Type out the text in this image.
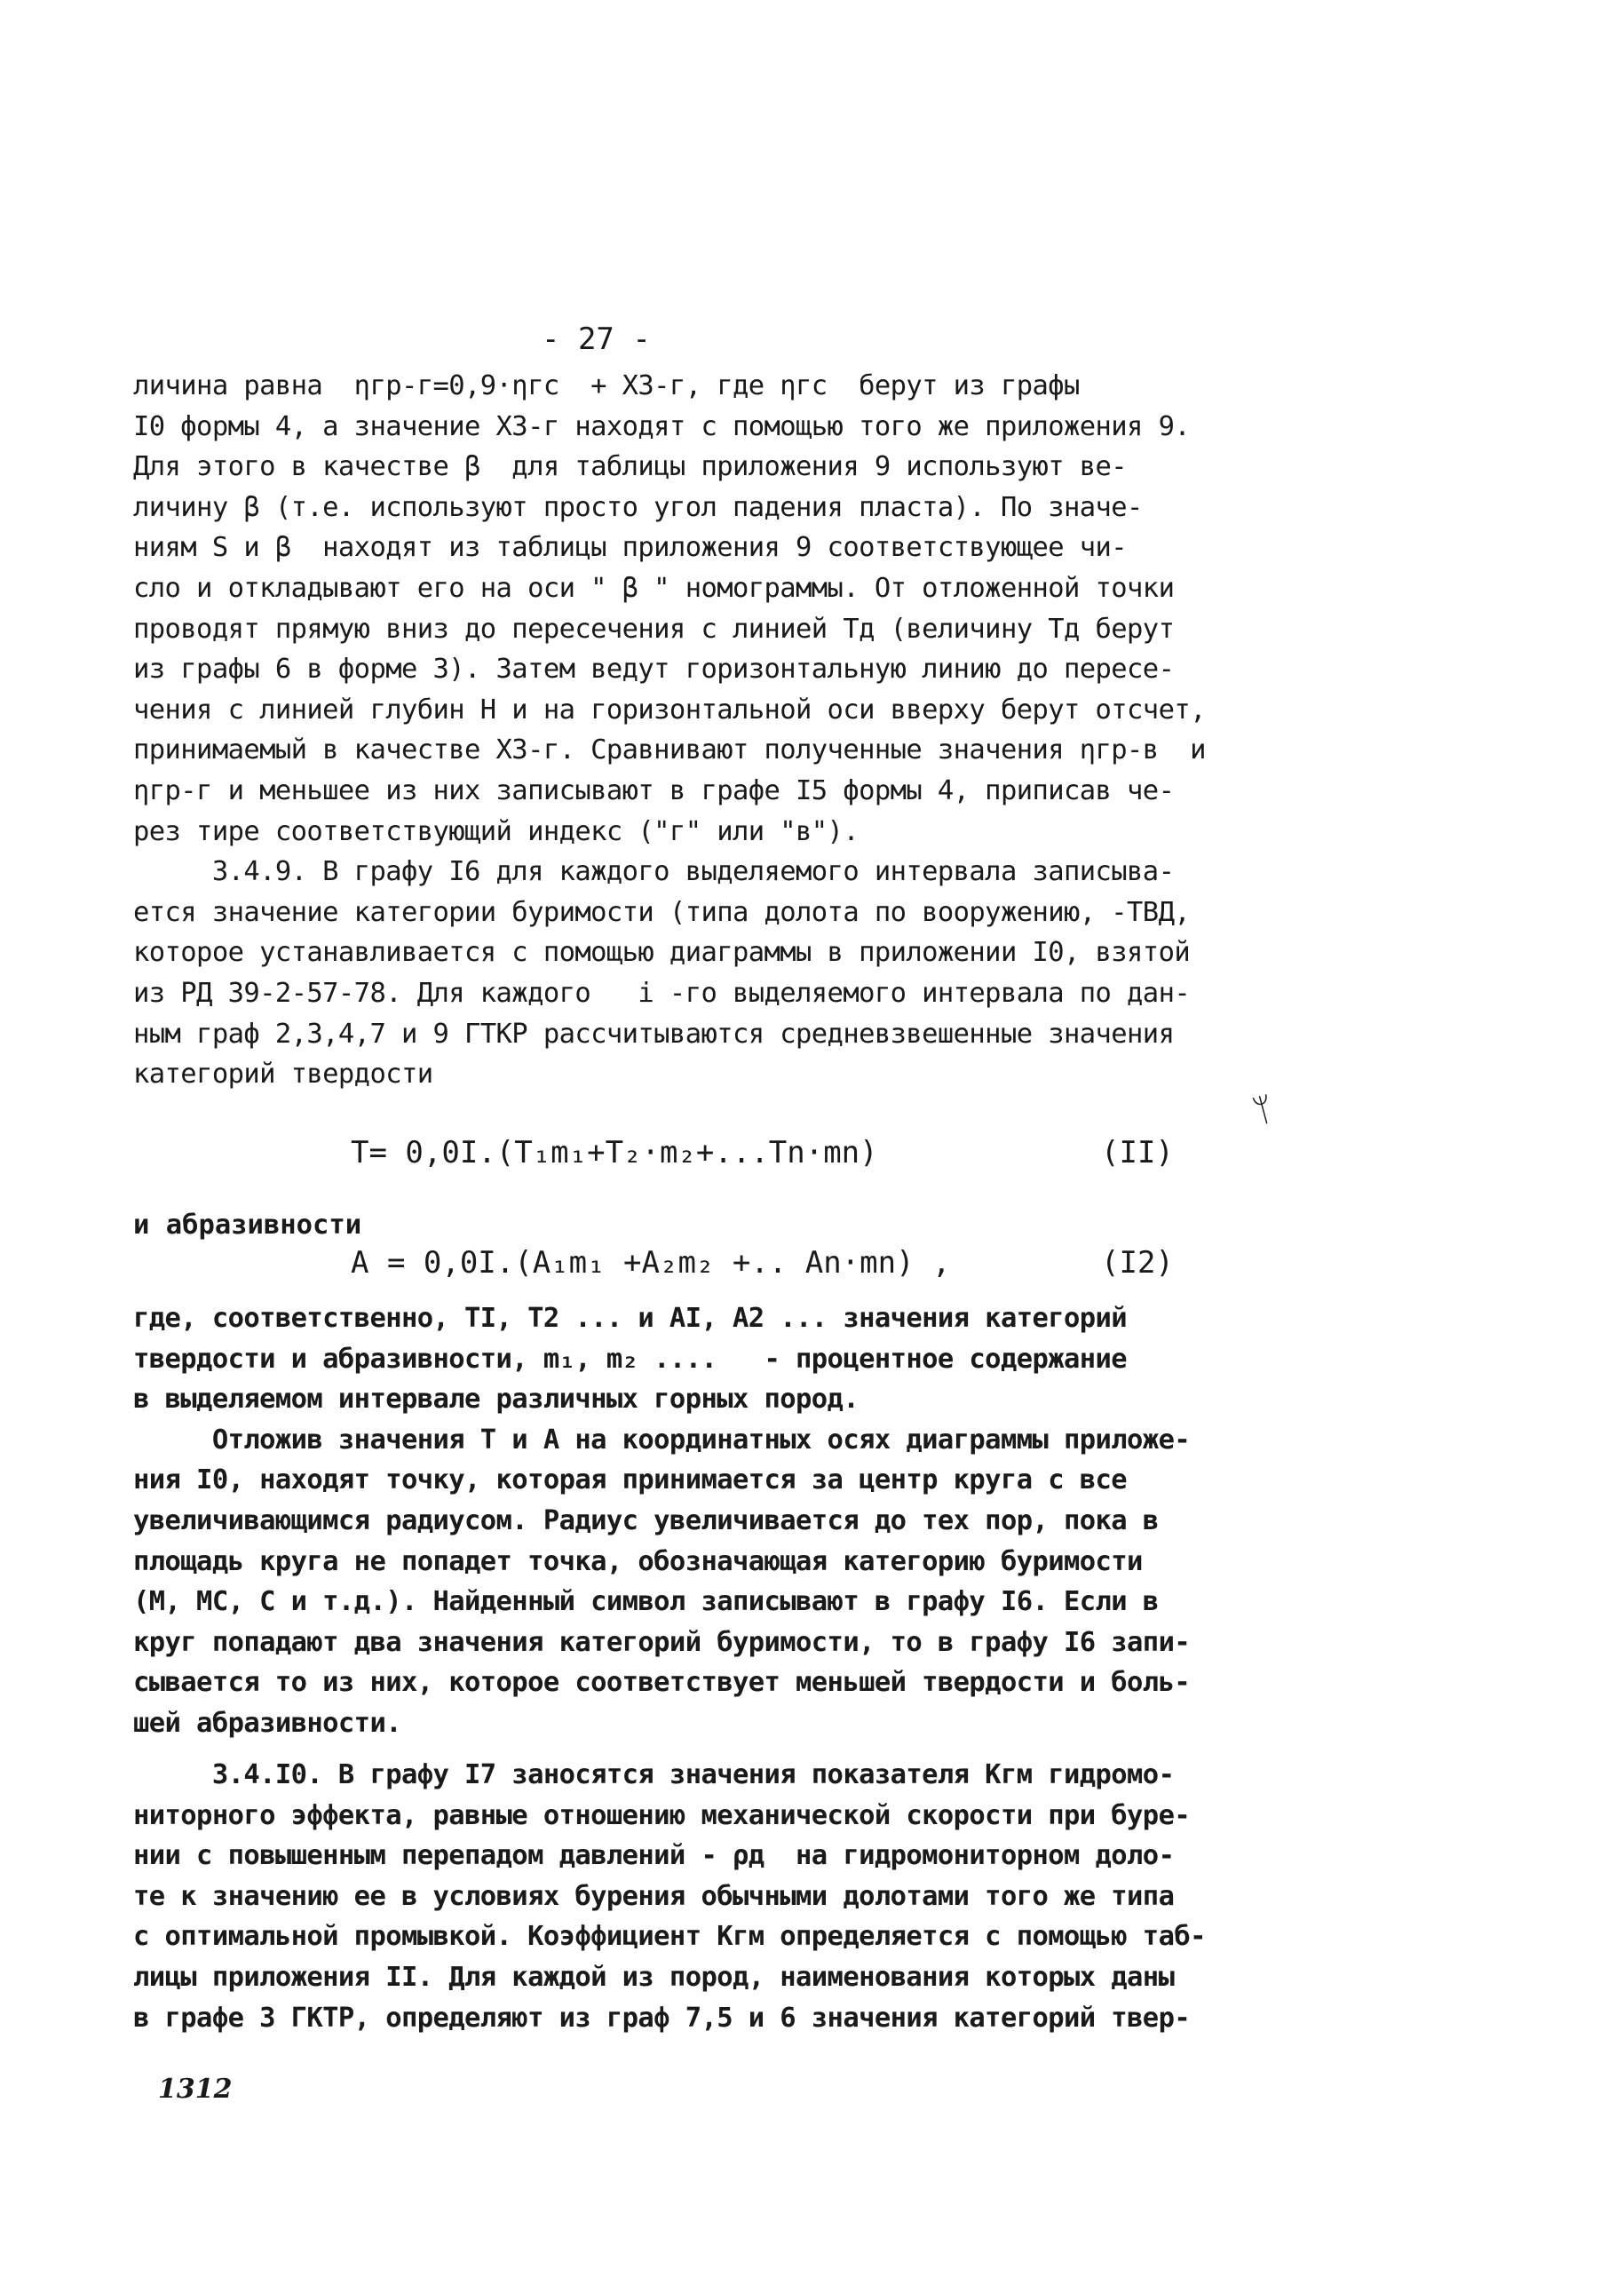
- 27 -
личина равна  ηгр-г=0,9·ηгс  + X3-г, где ηгс  берут из графы
I0 формы 4, а значение X3-г находят с помощью того же приложения 9.
Для этого в качестве β  для таблицы приложения 9 используют ве-
личину β (т.е. используют просто угол падения пласта). По значе-
ниям S и β  находят из таблицы приложения 9 соответствующее чи-
сло и откладывают его на оси " β " номограммы. От отложенной точки
проводят прямую вниз до пересечения с линией Tд (величину Tд берут
из графы 6 в форме 3). Затем ведут горизонтальную линию до пересе-
чения с линией глубин Н и на горизонтальной оси вверху берут отсчет,
принимаемый в качестве X3-г. Сравнивают полученные значения ηгр-в  и
ηгр-г и меньшее из них записывают в графе I5 формы 4, приписав че-
рез тире соответствующий индекс ("г" или "в").
3.4.9. В графу I6 для каждого выделяемого интервала записыва-
ется значение категории буримости (типа долота по вооружению, -ТВД,
которое устанавливается с помощью диаграммы в приложении I0, взятой
из РД 39-2-57-78. Для каждого   i -го выделяемого интервала по дан-
ным граф 2,3,4,7 и 9 ГТКР рассчитываются средневзвешенные значения
категорий твердости
T= 0,0I.(T₁m₁+T₂·m₂+...Tn·mn)	(II)
и абразивности
A = 0,0I.(A₁m₁ +A₂m₂ +.. An·mn) ,	(I2)
где, соответственно, TI, T2 ... и AI, A2 ... значения категорий
твердости и абразивности, m₁, m₂ ....   - процентное содержание
в выделяемом интервале различных горных пород.
Отложив значения Т и А на координатных осях диаграммы приложе-
ния I0, находят точку, которая принимается за центр круга с все
увеличивающимся радиусом. Радиус увеличивается до тех пор, пока в
площадь круга не попадет точка, обозначающая категорию буримости
(М, МС, С и т.д.). Найденный символ записывают в графу I6. Если в
круг попадают два значения категорий буримости, то в графу I6 запи-
сывается то из них, которое соответствует меньшей твердости и боль-
шей абразивности.
3.4.I0. В графу I7 заносятся значения показателя Kгм гидромо-
ниторного эффекта, равные отношению механической скорости при буре-
нии с повышенным перепадом давлений - ρд  на гидромониторном доло-
те к значению ее в условиях бурения обычными долотами того же типа
с оптимальной промывкой. Коэффициент Kгм определяется с помощью таб-
лицы приложения II. Для каждой из пород, наименования которых даны
в графе 3 ГКТР, определяют из граф 7,5 и 6 значения категорий твер-
ᛘ
1312
